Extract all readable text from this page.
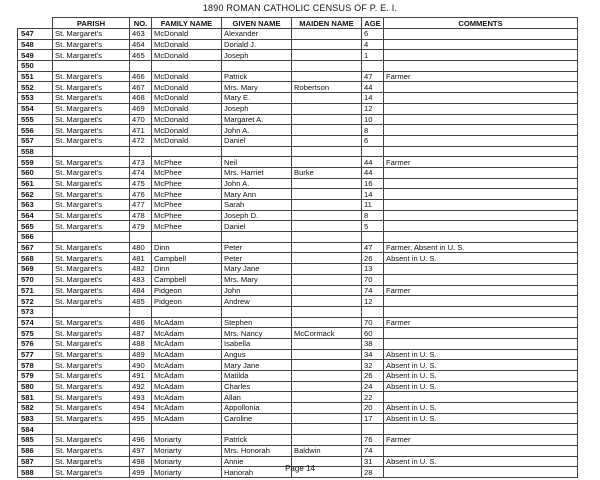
1890 ROMAN CATHOLIC CENSUS OF P. E. I.
	PARISH	NO.	FAMILY NAME	GIVEN NAME	MAIDEN NAME	AGE	COMMENTS
547	St. Margaret's	463	McDonald	Alexander		6	
548	St. Margaret's	464	McDonald	Donald J.		4	
549	St. Margaret's	465	McDonald	Joseph		1	
550							
551	St. Margaret's	466	McDonald	Patrick		47	Farmer
552	St. Margaret's	467	McDonald	Mrs. Mary	Robertson	44	
553	St. Margaret's	468	McDonald	Mary E.		14	
554	St. Margaret's	469	McDonald	Joseph		12	
555	St. Margaret's	470	McDonald	Margaret A.		10	
556	St. Margaret's	471	McDonald	John A.		8	
557	St. Margaret's	472	McDonald	Daniel		6	
558							
559	St. Margaret's	473	McPhee	Neil		44	Farmer
560	St. Margaret's	474	McPhee	Mrs. Harriet	Burke	44	
561	St. Margaret's	475	McPhee	John A.		16	
562	St. Margaret's	476	McPhee	Mary Ann		14	
563	St. Margaret's	477	McPhee	Sarah		11	
564	St. Margaret's	478	McPhee	Joseph D.		8	
565	St. Margaret's	479	McPhee	Daniel		5	
566							
567	St. Margaret's	480	Dinn	Peter		47	Farmer, Absent in U. S.
568	St. Margaret's	481	Campbell	Peter		26	Absent in U. S.
569	St. Margaret's	482	Dinn	Mary Jane		13	
570	St. Margaret's	483	Campbell	Mrs. Mary		70	
571	St. Margaret's	484	Pidgeon	John		74	Farmer
572	St. Margaret's	485	Pidgeon	Andrew		12	
573							
574	St. Margaret's	486	McAdam	Stephen		70	Farmer
575	St. Margaret's	487	McAdam	Mrs. Nancy	McCormack	60	
576	St. Margaret's	488	McAdam	Isabella		38	
577	St. Margaret's	489	McAdam	Angus		34	Absent in U. S.
578	St. Margaret's	490	McAdam	Mary Jane		32	Absent in U. S.
579	St. Margaret's	491	McAdam	Matilda		26	Absent in U. S.
580	St. Margaret's	492	McAdam	Charles		24	Absent in U. S.
581	St. Margaret's	493	McAdam	Allan		22	
582	St. Margaret's	494	McAdam	Appollonia		20	Absent in U. S.
583	St. Margaret's	495	McAdam	Caroline		17	Absent in U. S.
584							
585	St. Margaret's	496	Moriarty	Patrick		76	Farmer
586	St. Margaret's	497	Moriarty	Mrs. Honorah	Baldwin	74	
587	St. Margaret's	498	Moriarty	Annie		31	Absent in U. S.
588	St. Margaret's	499	Moriarty	Hanorah		28	
Page 14
